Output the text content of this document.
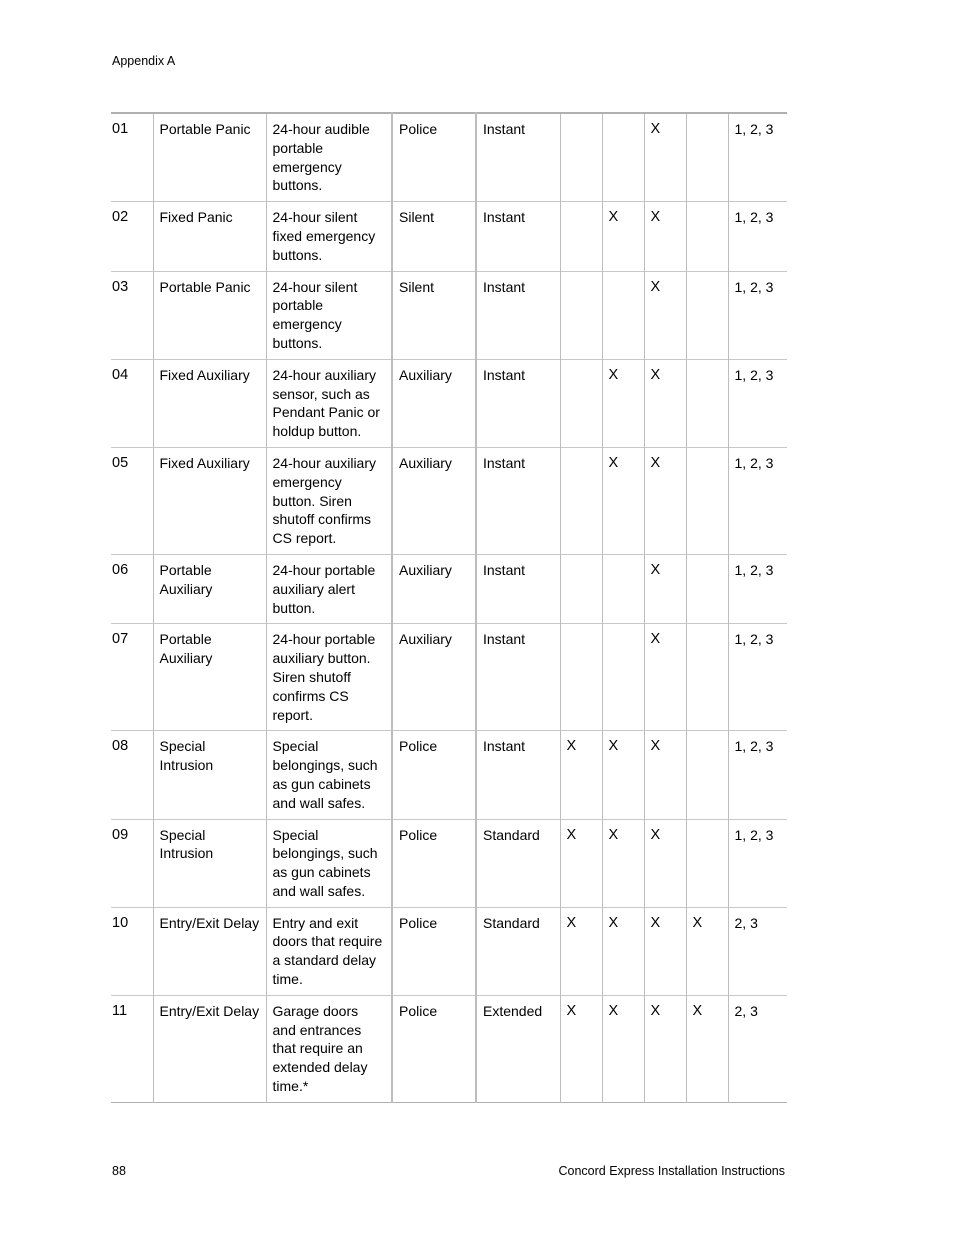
Appendix A
01	Portable Panic	24-hour audible portable emergency buttons.	Police	Instant			X		1, 2, 3
02	Fixed Panic	24-hour silent fixed emergency buttons.	Silent	Instant		X	X		1, 2, 3
03	Portable Panic	24-hour silent portable emergency buttons.	Silent	Instant			X		1, 2, 3
04	Fixed Auxiliary	24-hour auxiliary sensor, such as Pendant Panic or holdup button.	Auxiliary	Instant		X	X		1, 2, 3
05	Fixed Auxiliary	24-hour auxiliary emergency button. Siren shutoff confirms CS report.	Auxiliary	Instant		X	X		1, 2, 3
06	Portable Auxiliary	24-hour portable auxiliary alert button.	Auxiliary	Instant			X		1, 2, 3
07	Portable Auxiliary	24-hour portable auxiliary button. Siren shutoff confirms CS report.	Auxiliary	Instant			X		1, 2, 3
08	Special Intrusion	Special belongings, such as gun cabinets and wall safes.	Police	Instant	X	X	X		1, 2, 3
09	Special Intrusion	Special belongings, such as gun cabinets and wall safes.	Police	Standard	X	X	X		1, 2, 3
10	Entry/Exit Delay	Entry and exit doors that require a standard delay time.	Police	Standard	X	X	X	X	2, 3
11	Entry/Exit Delay	Garage doors and entrances that require an extended delay time.*	Police	Extended	X	X	X	X	2, 3
88	Concord Express Installation Instructions
